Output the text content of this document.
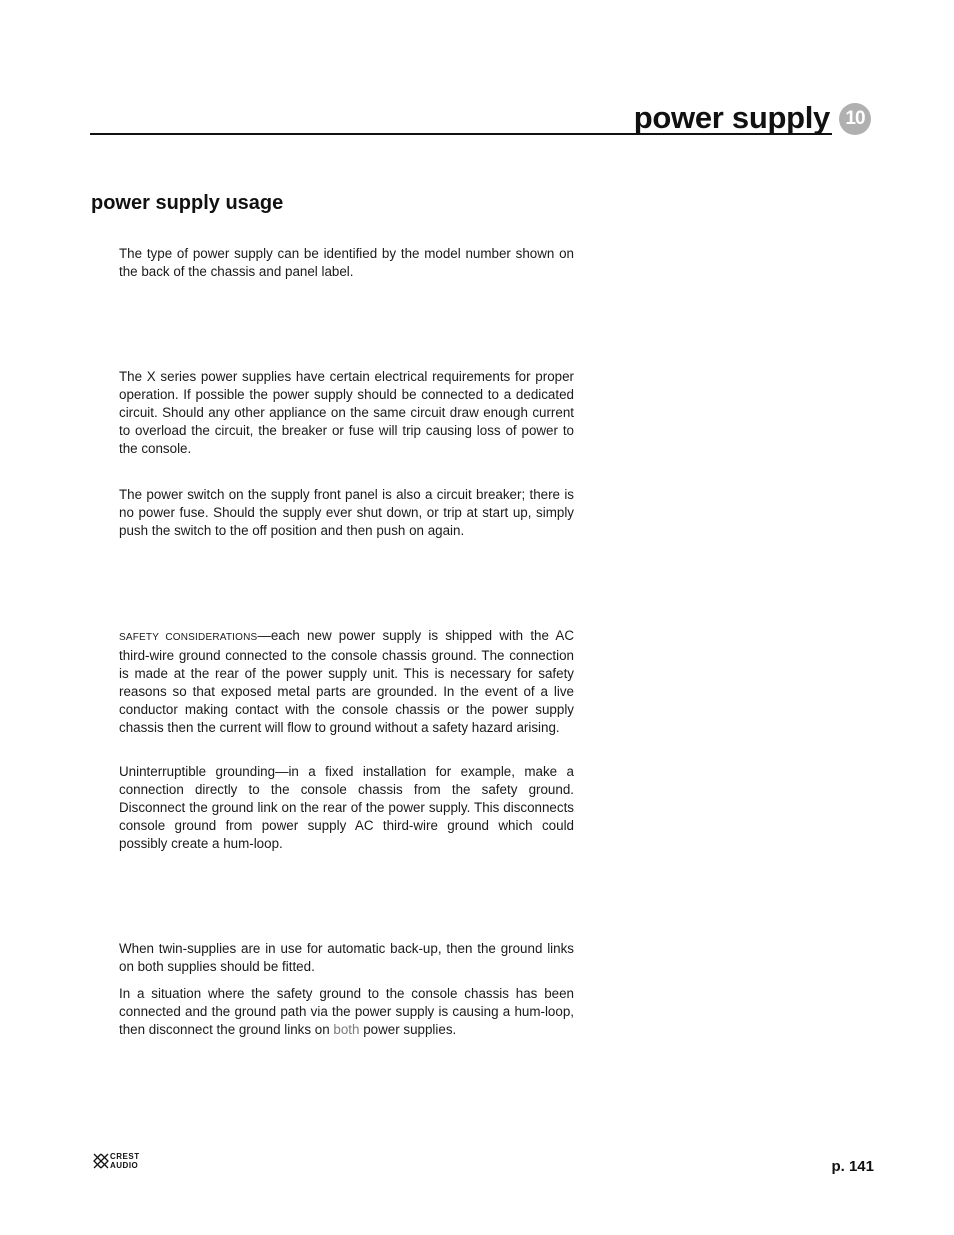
power supply 10
power supply usage

The type of power supply can be identified by the model number shown on the back of the chassis and panel label.

The X series power supplies have certain electrical requirements for proper operation. If possible the power supply should be connected to a dedicated circuit. Should any other appliance on the same circuit draw enough current to overload the circuit, the breaker or fuse will trip causing loss of power to the console.

The power switch on the supply front panel is also a circuit breaker; there is no power fuse. Should the supply ever shut down, or trip at start up, simply push the switch to the off position and then push on again.

SAFETY CONSIDERATIONS—each new power supply is shipped with the AC third-wire ground connected to the console chassis ground. The connection is made at the rear of the power supply unit. This is necessary for safety reasons so that exposed metal parts are grounded. In the event of a live conductor making contact with the console chassis or the power supply chassis then the current will flow to ground without a safety hazard arising.

Uninterruptible grounding—in a fixed installation for example, make a connection directly to the console chassis from the safety ground. Disconnect the ground link on the rear of the power supply. This disconnects console ground from power supply AC third-wire ground which could possibly create a hum-loop.

When twin-supplies are in use for automatic back-up, then the ground links on both supplies should be fitted.

In a situation where the safety ground to the console chassis has been connected and the ground path via the power supply is causing a hum-loop, then disconnect the ground links on both power supplies.

CREST
AUDIO	p. 141
